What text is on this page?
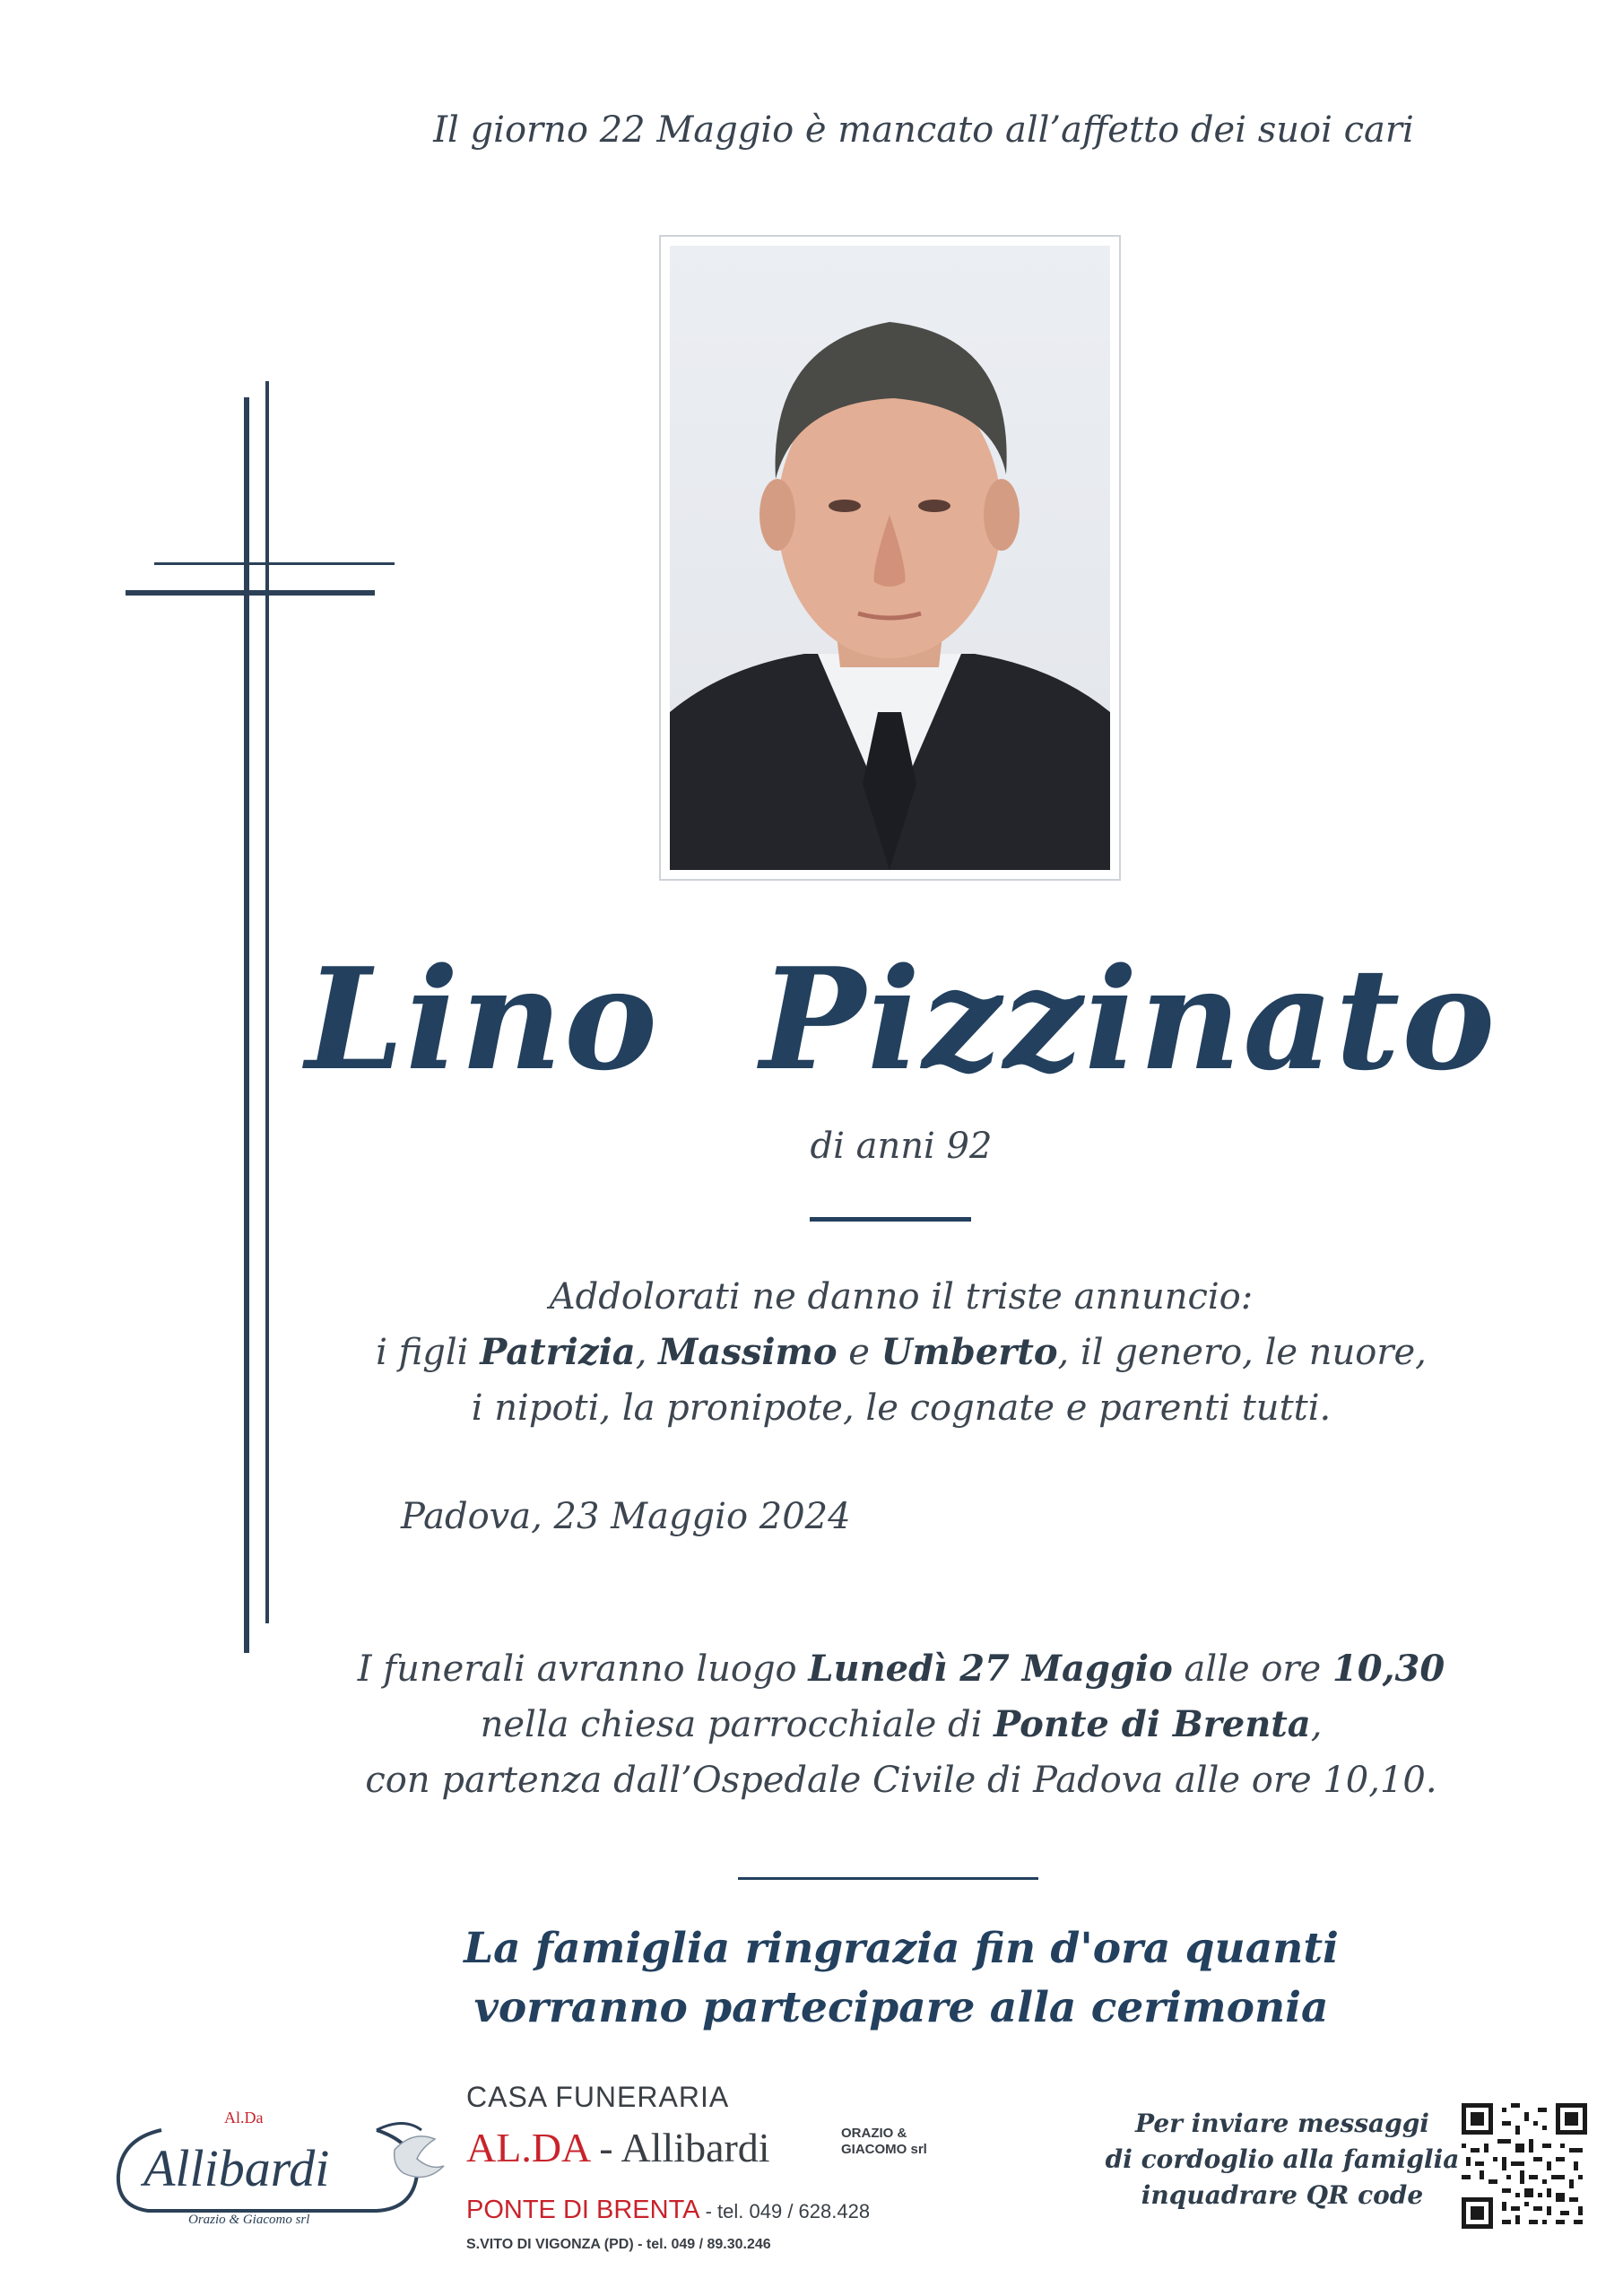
Il giorno 22 Maggio è mancato all’affetto dei suoi cari
Lino  Pizzinato
di anni 92
Addolorati ne danno il triste annuncio:
i figli Patrizia, Massimo e Umberto, il genero, le nuore,
i nipoti, la pronipote, le cognate e parenti tutti.
Padova, 23 Maggio 2024
I funerali avranno luogo Lunedì 27 Maggio alle ore 10,30
nella chiesa parrocchiale di Ponte di Brenta,
con partenza dall’Ospedale Civile di Padova alle ore 10,10.
La famiglia ringrazia fin d'ora quanti
vorranno partecipare alla cerimonia
Al.Da
Allibardi
Orazio & Giacomo srl
CASA FUNERARIA
AL.DA - Allibardi	ORAZIO &
GIACOMO srl
PONTE DI BRENTA - tel. 049 / 628.428
S.VITO DI VIGONZA (PD) - tel. 049 / 89.30.246
Per inviare messaggi
di cordoglio alla famiglia
inquadrare QR code
